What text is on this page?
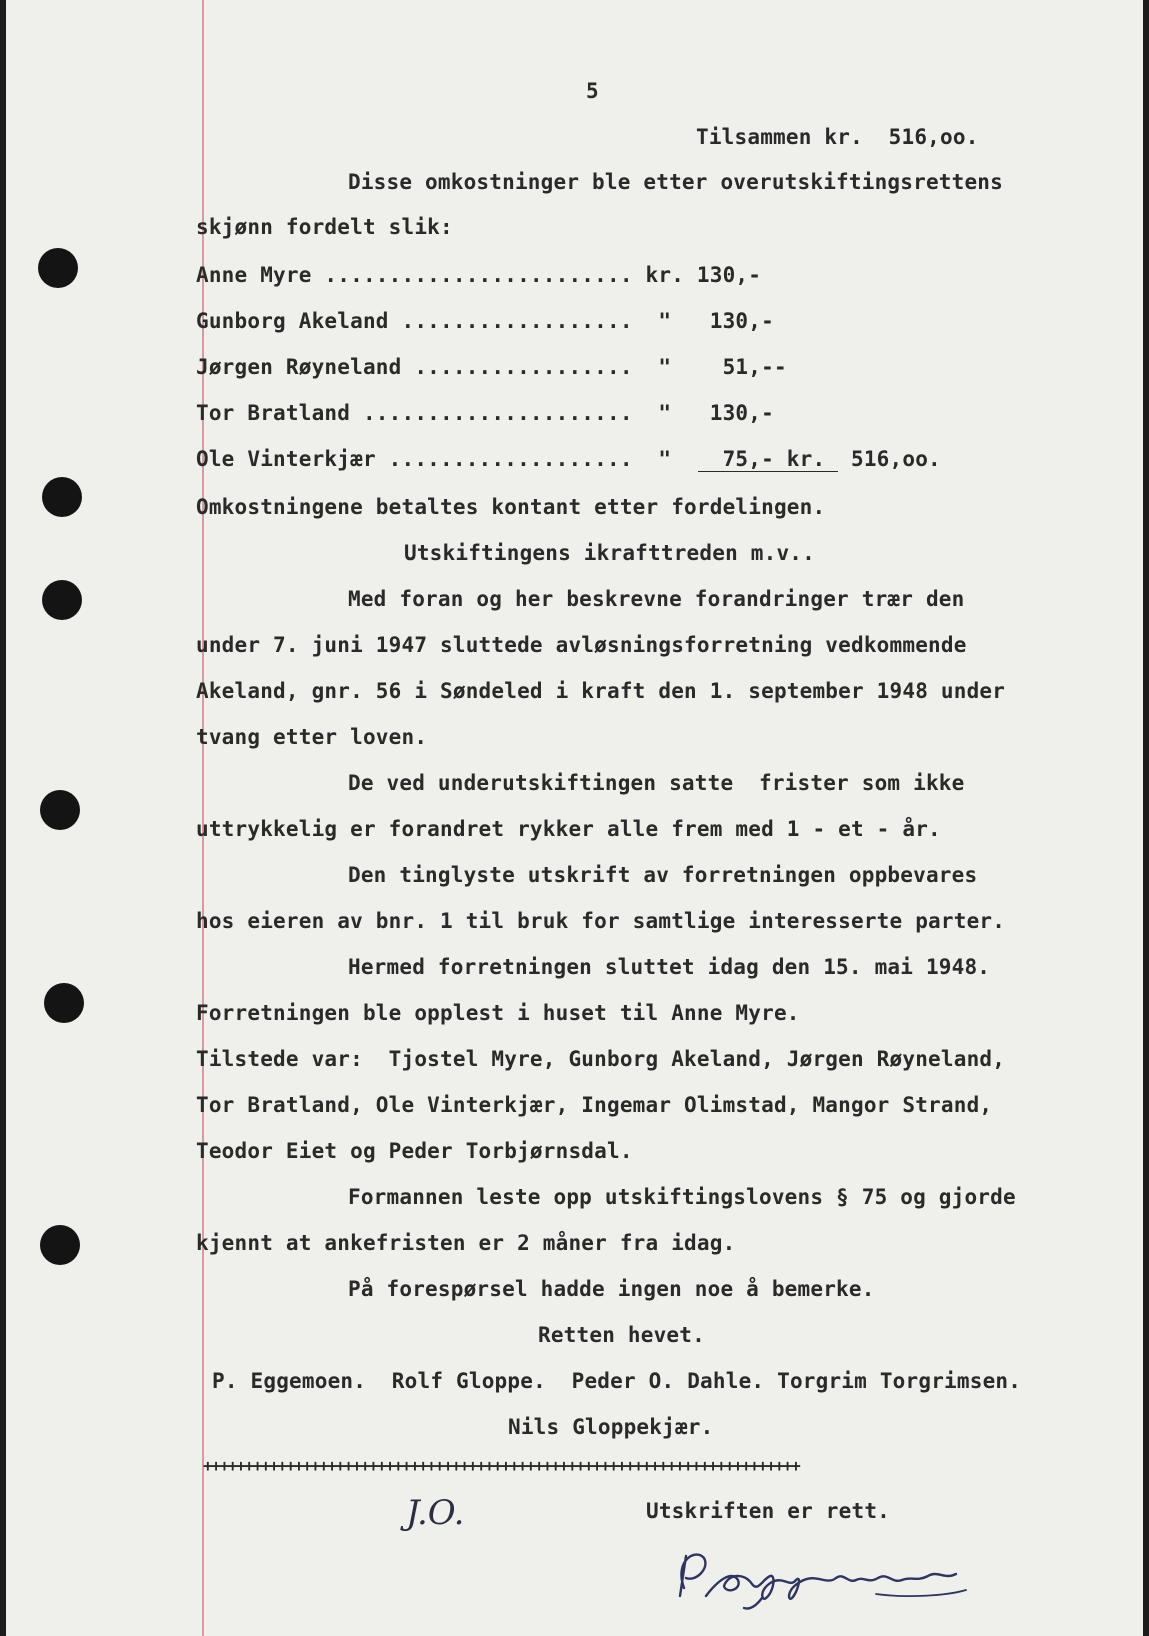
5
Tilsammen kr.  516,oo.
Disse omkostninger ble etter overutskiftingsrettens
skjønn fordelt slik:
Anne Myre ........................ kr. 130,-
Gunborg Akeland ..................  "   130,-
Jørgen Røyneland .................  "    51,--
Tor Bratland .....................  "   130,-
Ole Vinterkjær ...................  "    75,- kr.  516,oo.
Omkostningene betaltes kontant etter fordelingen.
Utskiftingens ikrafttreden m.v..
Med foran og her beskrevne forandringer trær den
under 7. juni 1947 sluttede avløsningsforretning vedkommende
Akeland, gnr. 56 i Søndeled i kraft den 1. september 1948 under
tvang etter loven.
De ved underutskiftingen satte  frister som ikke
uttrykkelig er forandret rykker alle frem med 1 - et - år.
Den tinglyste utskrift av forretningen oppbevares
hos eieren av bnr. 1 til bruk for samtlige interesserte parter.
Hermed forretningen sluttet idag den 15. mai 1948.
Forretningen ble opplest i huset til Anne Myre.
Tilstede var:  Tjostel Myre, Gunborg Akeland, Jørgen Røyneland,
Tor Bratland, Ole Vinterkjær, Ingemar Olimstad, Mangor Strand,
Teodor Eiet og Peder Torbjørnsdal.
Formannen leste opp utskiftingslovens § 75 og gjorde
kjennt at ankefristen er 2 måner fra idag.
På forespørsel hadde ingen noe å bemerke.
Retten hevet.
P. Eggemoen.  Rolf Gloppe.  Peder O. Dahle. Torgrim Torgrimsen.
Nils Gloppekjær.
++++++++++++++++++++++++++++++++++++++++++++++++++++++++++++++++++++++++
J.O.	Utskriften er rett.
